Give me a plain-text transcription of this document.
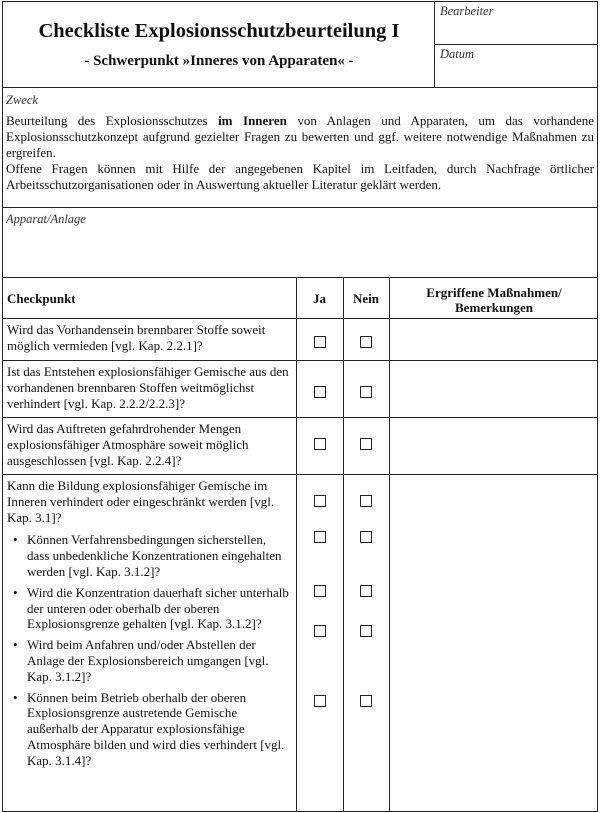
Checkliste Explosionsschutzbeurteilung I
- Schwerpunkt »Inneres von Apparaten« -
Bearbeiter
Datum
Zweck

Beurteilung des Explosionsschutzes im Inneren von Anlagen und Apparaten, um das vorhandene Explosionsschutzkonzept aufgrund gezielter Fragen zu bewerten und ggf. weitere notwendige Maßnahmen zu ergreifen.

Offene Fragen können mit Hilfe der angegebenen Kapitel im Leitfaden, durch Nachfrage örtlicher Arbeitsschutzorganisationen oder in Auswertung aktueller Literatur geklärt werden.

Apparat/Anlage
Checkpunkt	Ja	Nein	Ergriffene Maßnahmen/ Bemerkungen
Wird das Vorhandensein brennbarer Stoffe soweit möglich vermieden [vgl. Kap. 2.2.1]?
Ist das Entstehen explosionsfähiger Gemische aus den vorhandenen brennbaren Stoffen weitmöglichst verhindert [vgl. Kap. 2.2.2/2.2.3]?
Wird das Auftreten gefahrdrohender Mengen explosionsfähiger Atmosphäre soweit möglich ausgeschlossen [vgl. Kap. 2.2.4]?
Kann die Bildung explosionsfähiger Gemische im Inneren verhindert oder eingeschränkt werden [vgl. Kap. 3.1]?
• Können Verfahrensbedingungen sicherstellen, dass unbedenkliche Konzentrationen eingehalten werden [vgl. Kap. 3.1.2]?
• Wird die Konzentration dauerhaft sicher unterhalb der unteren oder oberhalb der oberen Explosionsgrenze gehalten [vgl. Kap. 3.1.2]?
• Wird beim Anfahren und/oder Abstellen der Anlage der Explosionsbereich umgangen [vgl. Kap. 3.1.2]?
• Können beim Betrieb oberhalb der oberen Explosionsgrenze austretende Gemische außerhalb der Apparatur explosionsfähige Atmosphäre bilden und wird dies verhindert [vgl. Kap. 3.1.4]?
